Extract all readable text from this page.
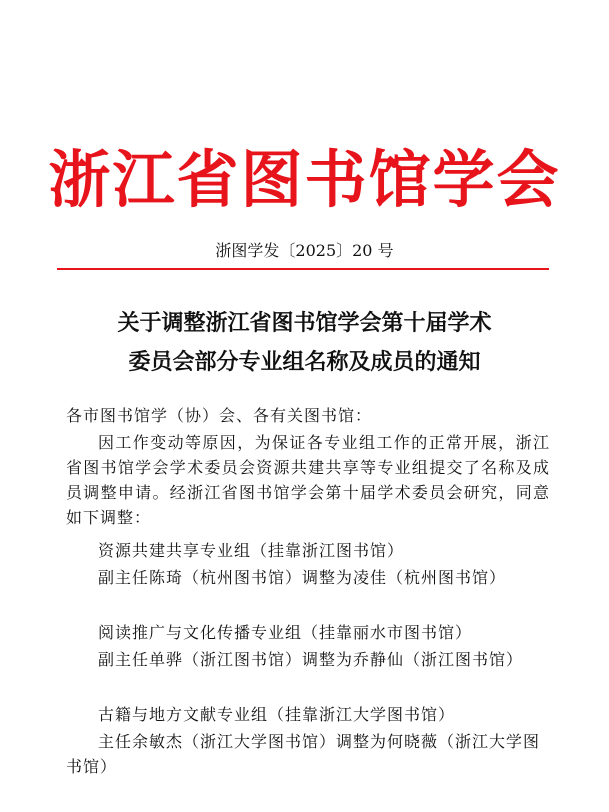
浙江省图书馆学会
浙图学发〔2025〕20 号
关于调整浙江省图书馆学会第十届学术
委员会部分专业组名称及成员的通知
各市图书馆学（协）会、各有关图书馆：
因工作变动等原因，为保证各专业组工作的正常开展，浙江省图书馆学会学术委员会资源共建共享等专业组提交了名称及成员调整申请。经浙江省图书馆学会第十届学术委员会研究，同意如下调整：
资源共建共享专业组（挂靠浙江图书馆）
副主任陈琦（杭州图书馆）调整为凌佳（杭州图书馆）
阅读推广与文化传播专业组（挂靠丽水市图书馆）
副主任单骅（浙江图书馆）调整为乔静仙（浙江图书馆）
古籍与地方文献专业组（挂靠浙江大学图书馆）
主任余敏杰（浙江大学图书馆）调整为何晓薇（浙江大学图书馆）
